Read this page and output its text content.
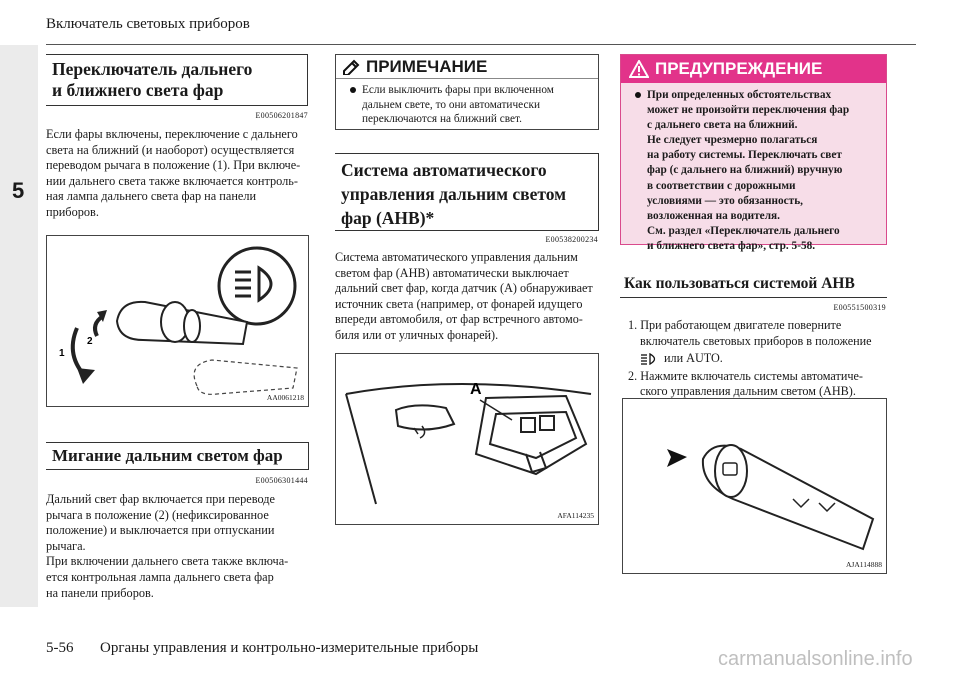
Включатель световых приборов
5
Переключатель дальнего
и ближнего света фар
E00506201847
Если фары включены, переключение с дальнего
света на ближний (и наоборот) осуществляется
переводом рычага в положение (1). При включе-
нии дальнего света также включается контроль-
ная лампа дальнего света фар на панели
приборов.
1
2
AA0061218
Мигание дальним светом фар
E00506301444
Дальний свет фар включается при переводе
рычага в положение (2) (нефиксированное
положение) и выключается при отпускании
рычага.
При включении дальнего света также включа-
ется контрольная лампа дальнего света фар
на панели приборов.
ПРИМЕЧАНИЕ
Если выключить фары при включенном
дальнем свете, то они автоматически
переключаются на ближний свет.
Система автоматического
управления дальним светом
фар (АНВ)*
E00538200234
Система автоматического управления дальним
светом фар (АНВ) автоматически выключает
дальний свет фар, когда датчик (A) обнаруживает
источник света (например, от фонарей идущего
впереди автомобиля, от фар встречного автомо-
биля или от уличных фонарей).
A
AFA114235
ПРЕДУПРЕЖДЕНИЕ
При определенных обстоятельствах
может не произойти переключения фар
с дальнего света на ближний.
Не следует чрезмерно полагаться
на работу системы. Переключать свет
фар (с дальнего на ближний) вручную
в соответствии с дорожными
условиями — это обязанность,
возложенная на водителя.
См. раздел «Переключатель дальнего
и ближнего света фар», стр. 5-58.
Как пользоваться системой АНВ
E00551500319
1. При работающем двигателе поверните
включатель световых приборов в положение
или AUTO.
2. Нажмите включатель системы автоматиче-
ского управления дальним светом (АНВ).
AJA114888
5-56 Органы управления и контрольно-измерительные приборы	carmanualsonline.info
